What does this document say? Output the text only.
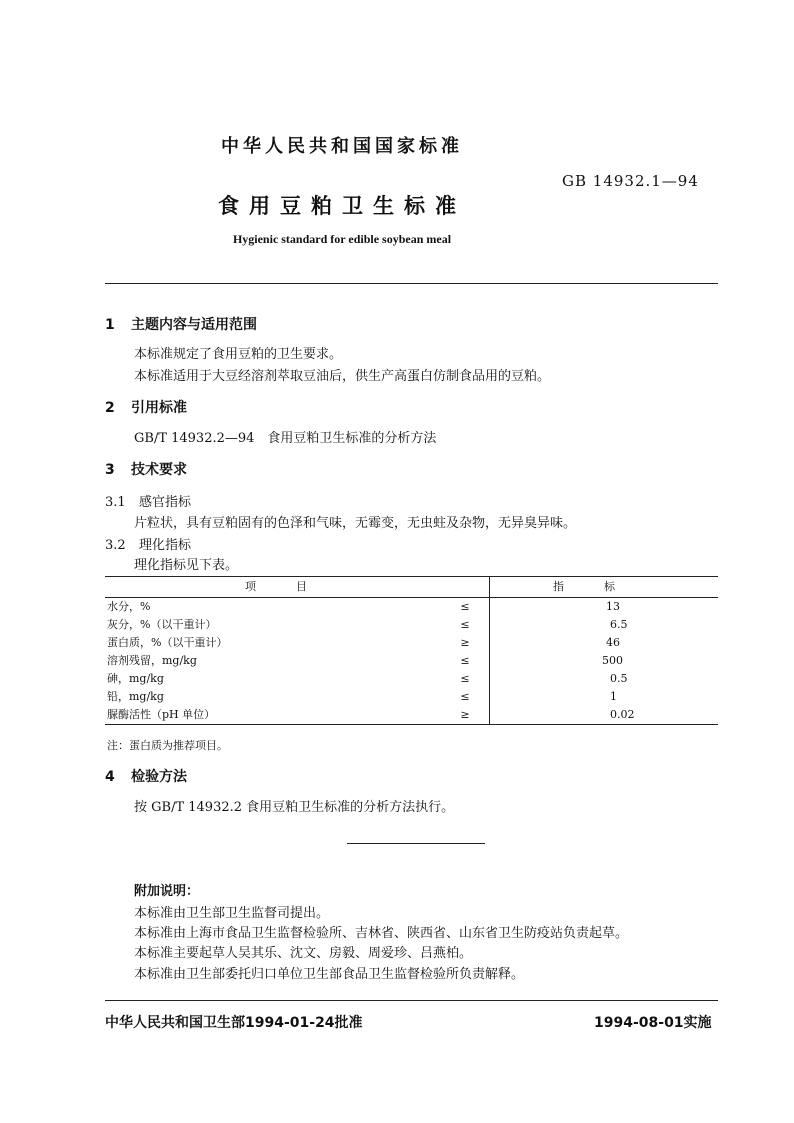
中华人民共和国国家标准
GB 14932.1—94
食用豆粕卫生标准
Hygienic standard for edible soybean meal
1 主题内容与适用范围
本标准规定了食用豆粕的卫生要求。
本标准适用于大豆经溶剂萃取豆油后，供生产高蛋白仿制食品用的豆粕。
2 引用标准
GB/T 14932.2—94　食用豆粕卫生标准的分析方法
3 技术要求
3.1 感官指标
片粒状，具有豆粕固有的色泽和气味，无霉变，无虫蛀及杂物，无异臭异味。
3.2 理化指标
理化指标见下表。
项目		指标
水分，%	≤	13
灰分，%（以干重计）	≤	6.5
蛋白质，%（以干重计）	≥	46
溶剂残留，mg/kg	≤	500
砷，mg/kg	≤	0.5
铅，mg/kg	≤	1
脲酶活性（pH 单位）	≥	0.02
注：蛋白质为推荐项目。
4 检验方法
按 GB/T 14932.2 食用豆粕卫生标准的分析方法执行。
附加说明：
本标准由卫生部卫生监督司提出。
本标准由上海市食品卫生监督检验所、吉林省、陕西省、山东省卫生防疫站负责起草。
本标准主要起草人吴其乐、沈文、房毅、周爱珍、吕燕柏。
本标准由卫生部委托归口单位卫生部食品卫生监督检验所负责解释。
中华人民共和国卫生部1994-01-24批准	1994-08-01实施
